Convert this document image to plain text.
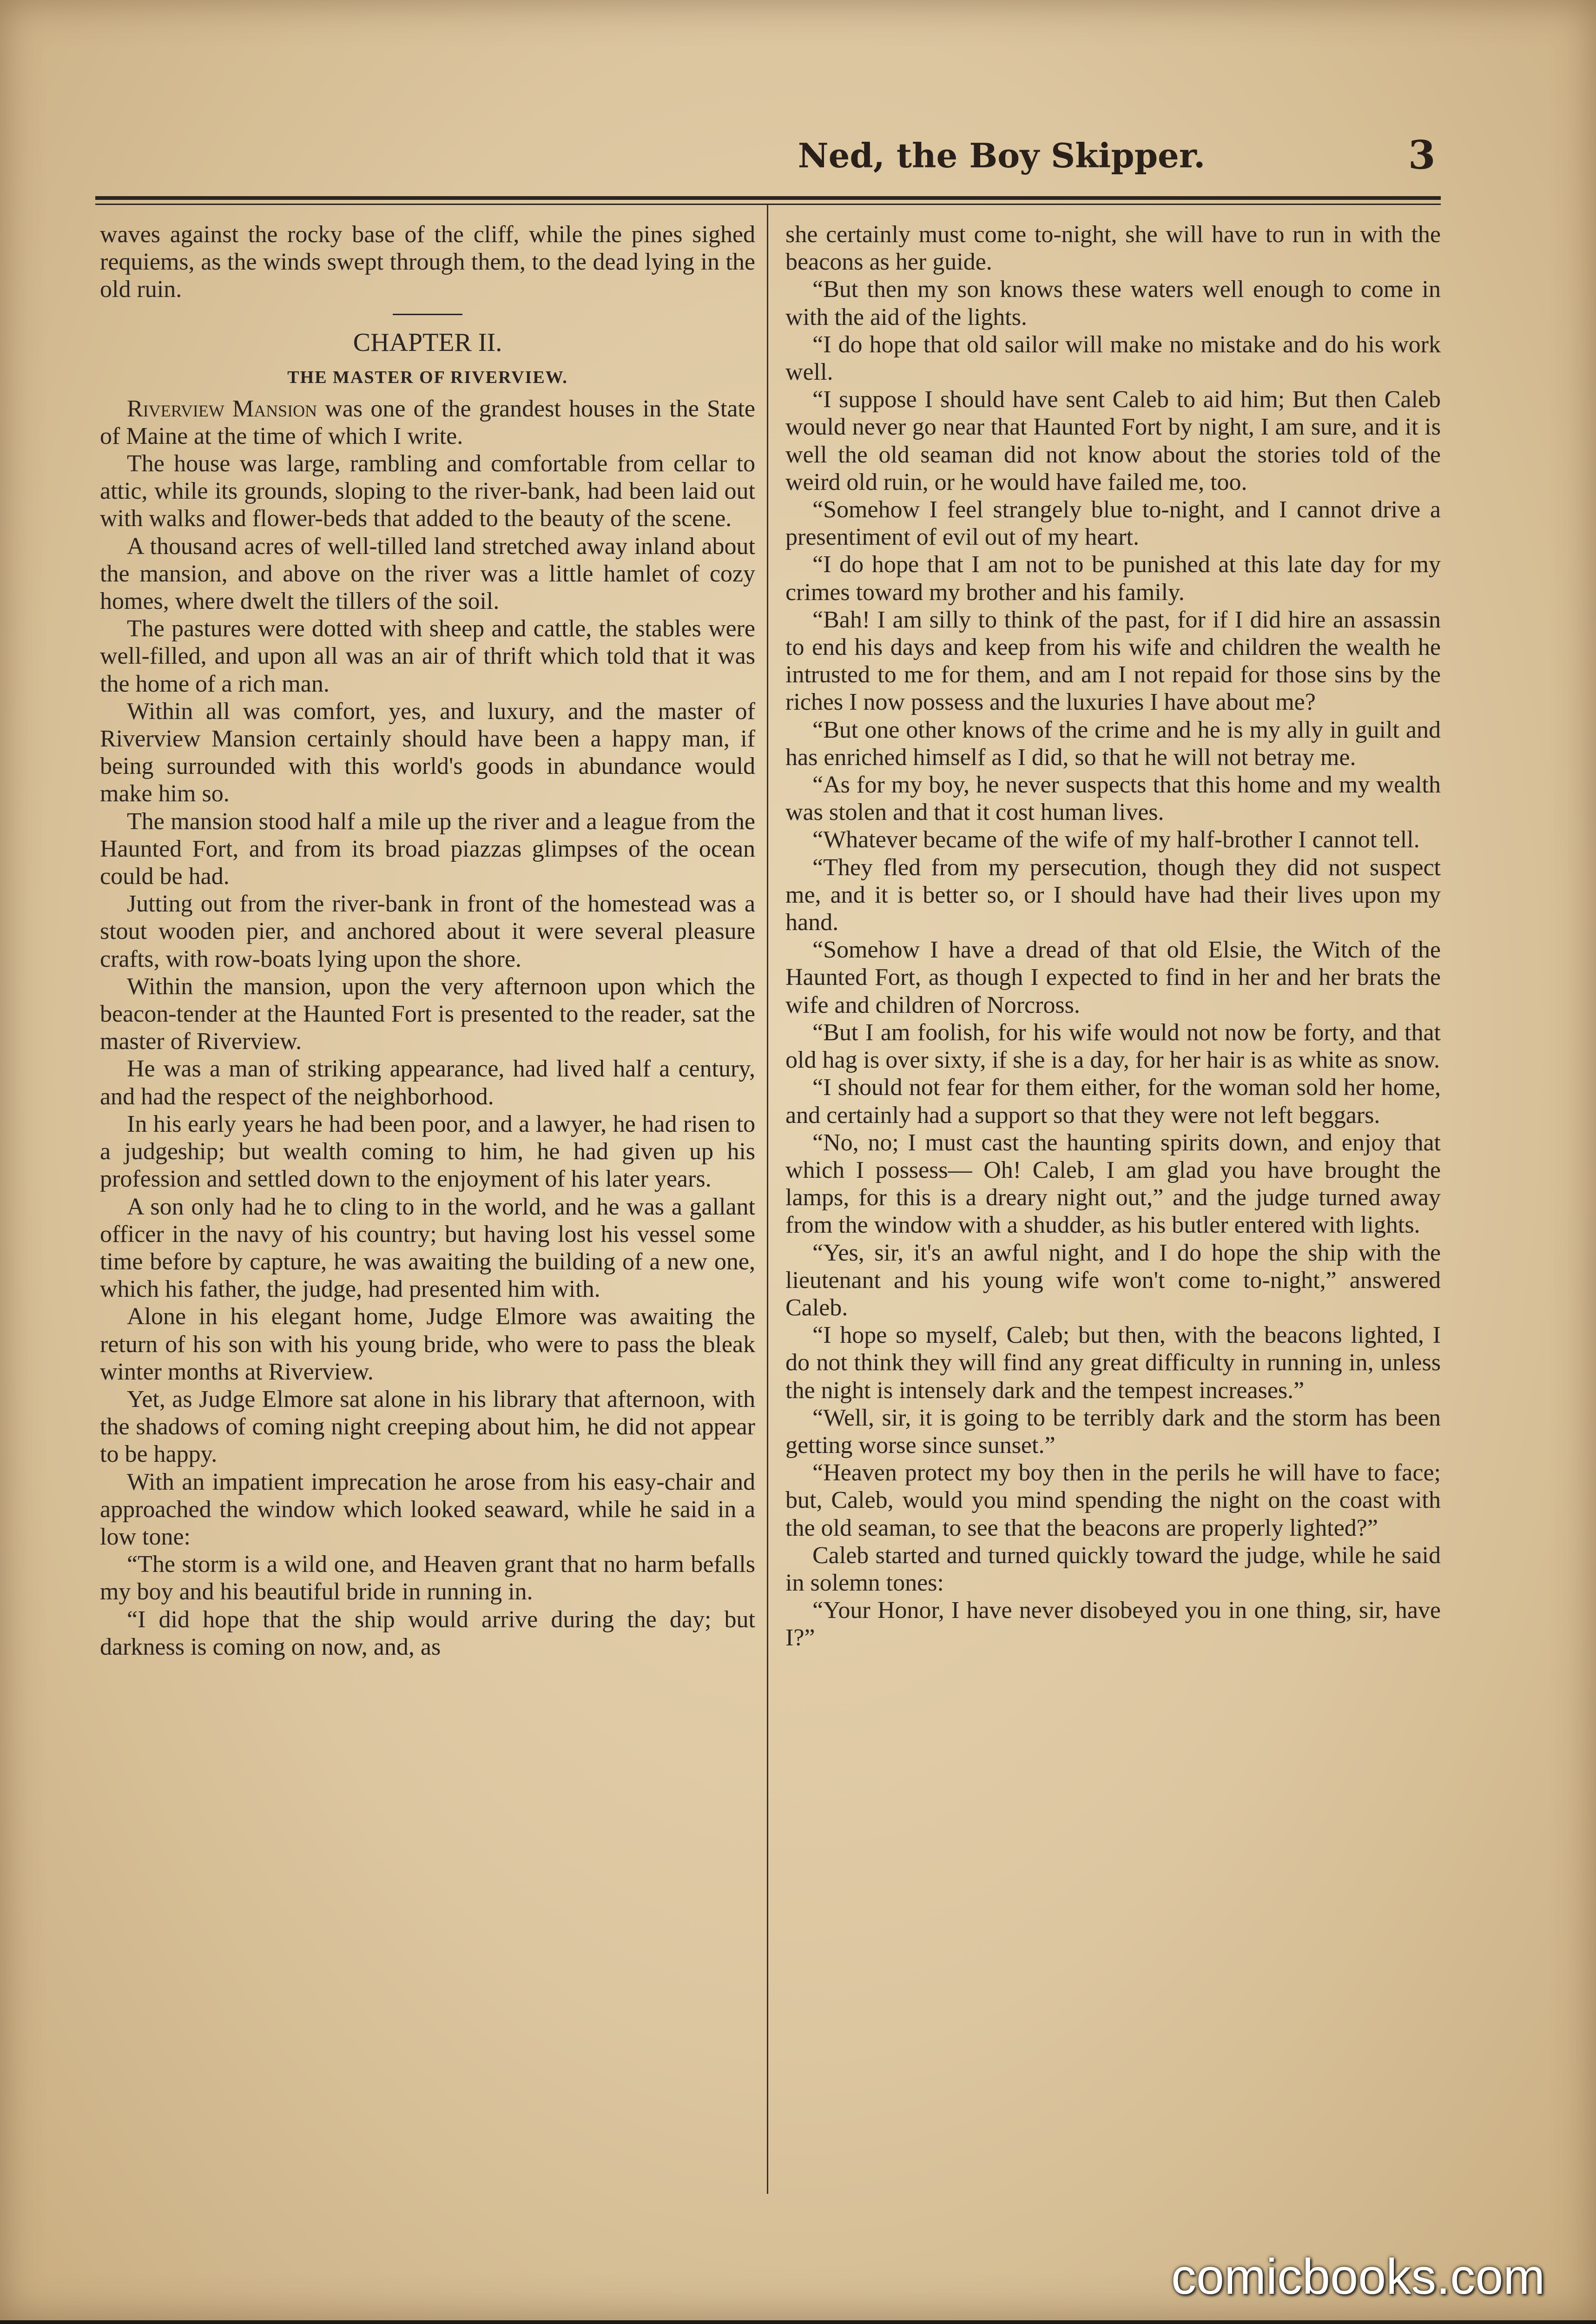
Ned, the Boy Skipper.	3

waves against the rocky base of the cliff, while the pines sighed requiems, as the winds swept through them, to the dead lying in the old ruin.

CHAPTER II.
THE MASTER OF RIVERVIEW.

Riverview Mansion was one of the grandest houses in the State of Maine at the time of which I write.

The house was large, rambling and comfortable from cellar to attic, while its grounds, sloping to the river-bank, had been laid out with walks and flower-beds that added to the beauty of the scene.

A thousand acres of well-tilled land stretched away inland about the mansion, and above on the river was a little hamlet of cozy homes, where dwelt the tillers of the soil.

The pastures were dotted with sheep and cattle, the stables were well-filled, and upon all was an air of thrift which told that it was the home of a rich man.

Within all was comfort, yes, and luxury, and the master of Riverview Mansion certainly should have been a happy man, if being surrounded with this world's goods in abundance would make him so.

The mansion stood half a mile up the river and a league from the Haunted Fort, and from its broad piazzas glimpses of the ocean could be had.

Jutting out from the river-bank in front of the homestead was a stout wooden pier, and anchored about it were several pleasure crafts, with row-boats lying upon the shore.

Within the mansion, upon the very afternoon upon which the beacon-tender at the Haunted Fort is presented to the reader, sat the master of Riverview.

He was a man of striking appearance, had lived half a century, and had the respect of the neighborhood.

In his early years he had been poor, and a lawyer, he had risen to a judgeship; but wealth coming to him, he had given up his profession and settled down to the enjoyment of his later years.

A son only had he to cling to in the world, and he was a gallant officer in the navy of his country; but having lost his vessel some time before by capture, he was awaiting the building of a new one, which his father, the judge, had presented him with.

Alone in his elegant home, Judge Elmore was awaiting the return of his son with his young bride, who were to pass the bleak winter months at Riverview.

Yet, as Judge Elmore sat alone in his library that afternoon, with the shadows of coming night creeping about him, he did not appear to be happy.

With an impatient imprecation he arose from his easy-chair and approached the window which looked seaward, while he said in a low tone:

“The storm is a wild one, and Heaven grant that no harm befalls my boy and his beautiful bride in running in.

“I did hope that the ship would arrive during the day; but darkness is coming on now, and, as

she certainly must come to-night, she will have to run in with the beacons as her guide.

“But then my son knows these waters well enough to come in with the aid of the lights.

“I do hope that old sailor will make no mistake and do his work well.

“I suppose I should have sent Caleb to aid him; But then Caleb would never go near that Haunted Fort by night, I am sure, and it is well the old seaman did not know about the stories told of the weird old ruin, or he would have failed me, too.

“Somehow I feel strangely blue to-night, and I cannot drive a presentiment of evil out of my heart.

“I do hope that I am not to be punished at this late day for my crimes toward my brother and his family.

“Bah! I am silly to think of the past, for if I did hire an assassin to end his days and keep from his wife and children the wealth he intrusted to me for them, and am I not repaid for those sins by the riches I now possess and the luxuries I have about me?

“But one other knows of the crime and he is my ally in guilt and has enriched himself as I did, so that he will not betray me.

“As for my boy, he never suspects that this home and my wealth was stolen and that it cost human lives.

“Whatever became of the wife of my half-brother I cannot tell.

“They fled from my persecution, though they did not suspect me, and it is better so, or I should have had their lives upon my hand.

“Somehow I have a dread of that old Elsie, the Witch of the Haunted Fort, as though I expected to find in her and her brats the wife and children of Norcross.

“But I am foolish, for his wife would not now be forty, and that old hag is over sixty, if she is a day, for her hair is as white as snow.

“I should not fear for them either, for the woman sold her home, and certainly had a support so that they were not left beggars.

“No, no; I must cast the haunting spirits down, and enjoy that which I possess— Oh! Caleb, I am glad you have brought the lamps, for this is a dreary night out,” and the judge turned away from the window with a shudder, as his butler entered with lights.

“Yes, sir, it's an awful night, and I do hope the ship with the lieutenant and his young wife won't come to-night,” answered Caleb.

“I hope so myself, Caleb; but then, with the beacons lighted, I do not think they will find any great difficulty in running in, unless the night is intensely dark and the tempest increases.”

“Well, sir, it is going to be terribly dark and the storm has been getting worse since sunset.”

“Heaven protect my boy then in the perils he will have to face; but, Caleb, would you mind spending the night on the coast with the old seaman, to see that the beacons are properly lighted?”

Caleb started and turned quickly toward the judge, while he said in solemn tones:

“Your Honor, I have never disobeyed you in one thing, sir, have I?”

comicbooks.com
